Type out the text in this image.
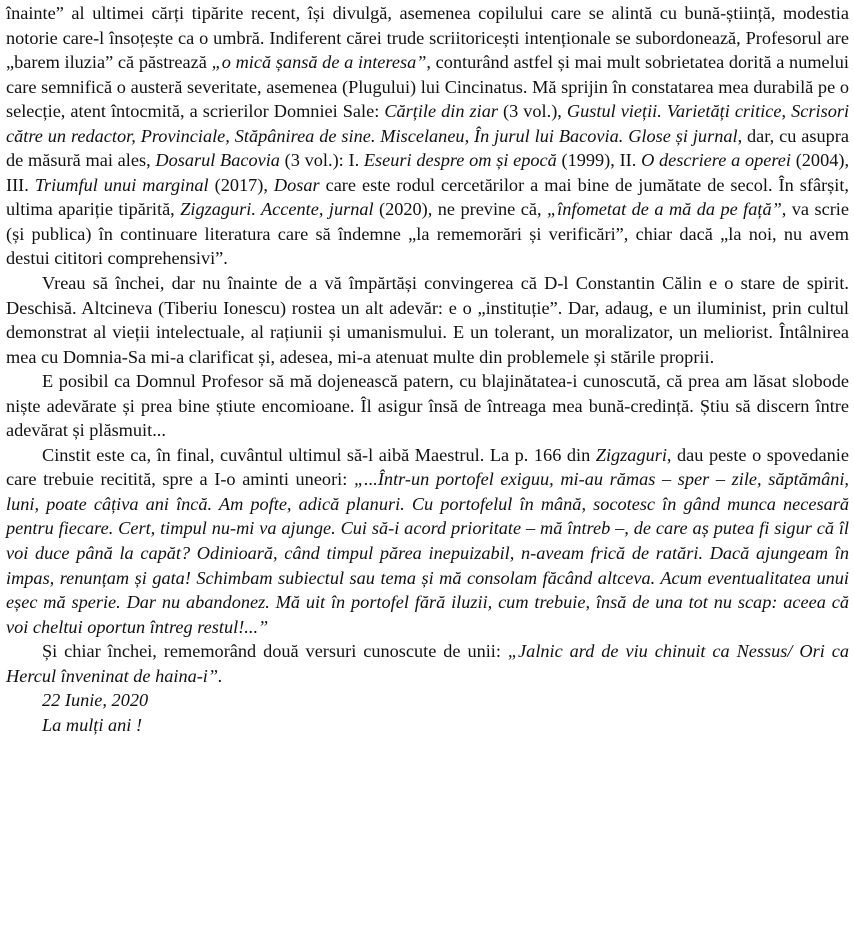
înainte” al ultimei cărți tipărite recent, își divulgă, asemenea copilului care se alintă cu bună-știință, modestia notorie care-l însoțește ca o umbră. Indiferent cărei trude scriitoricești intenționale se subordonează, Profesorul are „barem iluzia” că păstrează „o mică șansă de a interesa”, conturând astfel și mai mult sobrietatea dorită a numelui care semnifică o austeră severitate, asemenea (Plugului) lui Cincinatus. Mă sprijin în constatarea mea durabilă pe o selecție, atent întocmită, a scrierilor Domniei Sale: Cărțile din ziar (3 vol.), Gustul vieții. Varietăți critice, Scrisori către un redactor, Provinciale, Stăpânirea de sine. Miscelaneu, În jurul lui Bacovia. Glose și jurnal, dar, cu asupra de măsură mai ales, Dosarul Bacovia (3 vol.): I. Eseuri despre om și epocă (1999), II. O descriere a operei (2004), III. Triumful unui marginal (2017), Dosar care este rodul cercetărilor a mai bine de jumătate de secol. În sfârșit, ultima apariție tipărită, Zigzaguri. Accente, jurnal (2020), ne previne că, „înfometat de a mă da pe față”, va scrie (și publica) în continuare literatura care să îndemne „la rememorări și verificări”, chiar dacă „la noi, nu avem destui cititori comprehensivi”.

Vreau să închei, dar nu înainte de a vă împărtăși convingerea că D-l Constantin Călin e o stare de spirit. Deschisă. Altcineva (Tiberiu Ionescu) rostea un alt adevăr: e o „instituție”. Dar, adaug, e un iluminist, prin cultul demonstrat al vieții intelectuale, al rațiunii și umanismului. E un tolerant, un moralizator, un meliorist. Întâlnirea mea cu Domnia-Sa mi-a clarificat și, adesea, mi-a atenuat multe din problemele și stările proprii.

E posibil ca Domnul Profesor să mă dojenească patern, cu blajinătatea-i cunoscută, că prea am lăsat slobode niște adevărate și prea bine știute encomioane. Îl asigur însă de întreaga mea bună-credință. Știu să discern între adevărat și plăsmuit...

Cinstit este ca, în final, cuvântul ultimul să-l aibă Maestrul. La p. 166 din Zigzaguri, dau peste o spovedanie care trebuie recitită, spre a I-o aminti uneori: „...Într-un portofel exiguu, mi-au rămas – sper – zile, săptămâni, luni, poate câțiva ani încă. Am pofte, adică planuri. Cu portofelul în mână, socotesc în gând munca necesară pentru fiecare. Cert, timpul nu-mi va ajunge. Cui să-i acord prioritate – mă întreb –, de care aș putea fi sigur că îl voi duce până la capăt? Odinioară, când timpul părea inepuizabil, n-aveam frică de ratări. Dacă ajungeam în impas, renunțam și gata! Schimbam subiectul sau tema și mă consolam făcând altceva. Acum eventualitatea unui eșec mă sperie. Dar nu abandonez. Mă uit în portofel fără iluzii, cum trebuie, însă de una tot nu scap: aceea că voi cheltui oportun întreg restul!...”

Și chiar închei, rememorând două versuri cunoscute de unii: „Jalnic ard de viu chinuit ca Nessus/ Ori ca Hercul înveninat de haina-i”.

22 Iunie, 2020

La mulți ani !
